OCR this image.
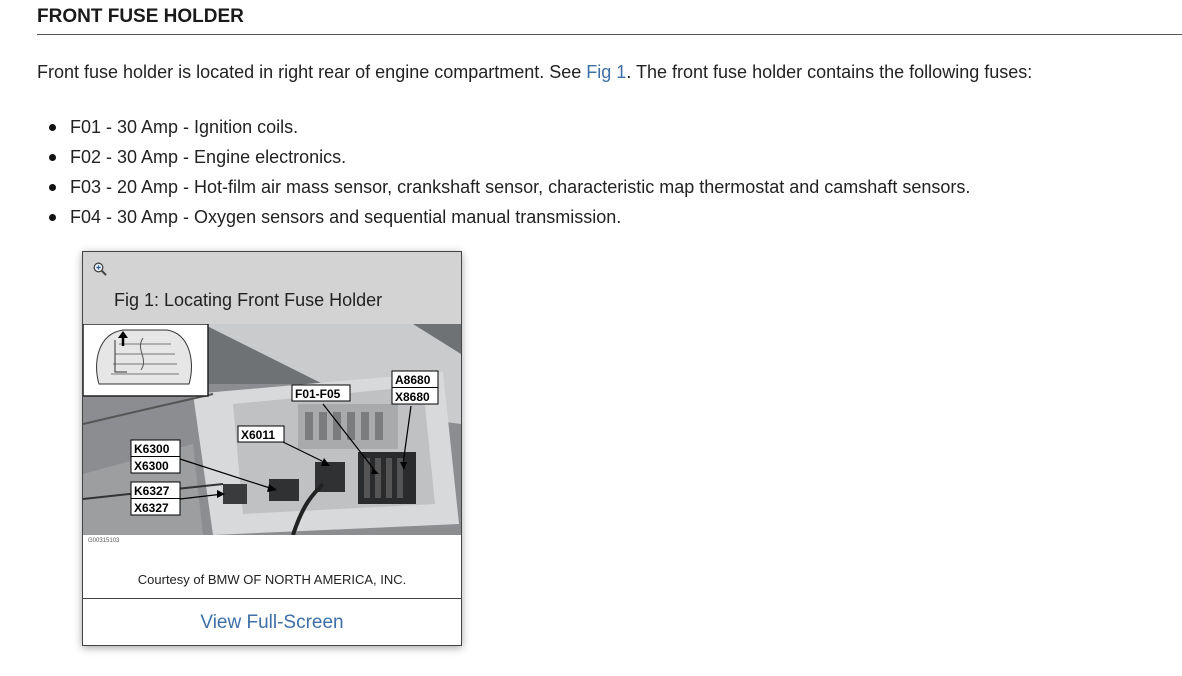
FRONT FUSE HOLDER
Front fuse holder is located in right rear of engine compartment. See Fig 1. The front fuse holder contains the following fuses:
F01 - 30 Amp - Ignition coils.
F02 - 30 Amp - Engine electronics.
F03 - 20 Amp - Hot-film air mass sensor, crankshaft sensor, characteristic map thermostat and camshaft sensors.
F04 - 30 Amp - Oxygen sensors and sequential manual transmission.
Fig 1: Locating Front Fuse Holder
F01-F05
A8680
X8680
X6011
K6300
X6300
K6327
X6327
G00315103
Courtesy of BMW OF NORTH AMERICA, INC.
View Full-Screen
